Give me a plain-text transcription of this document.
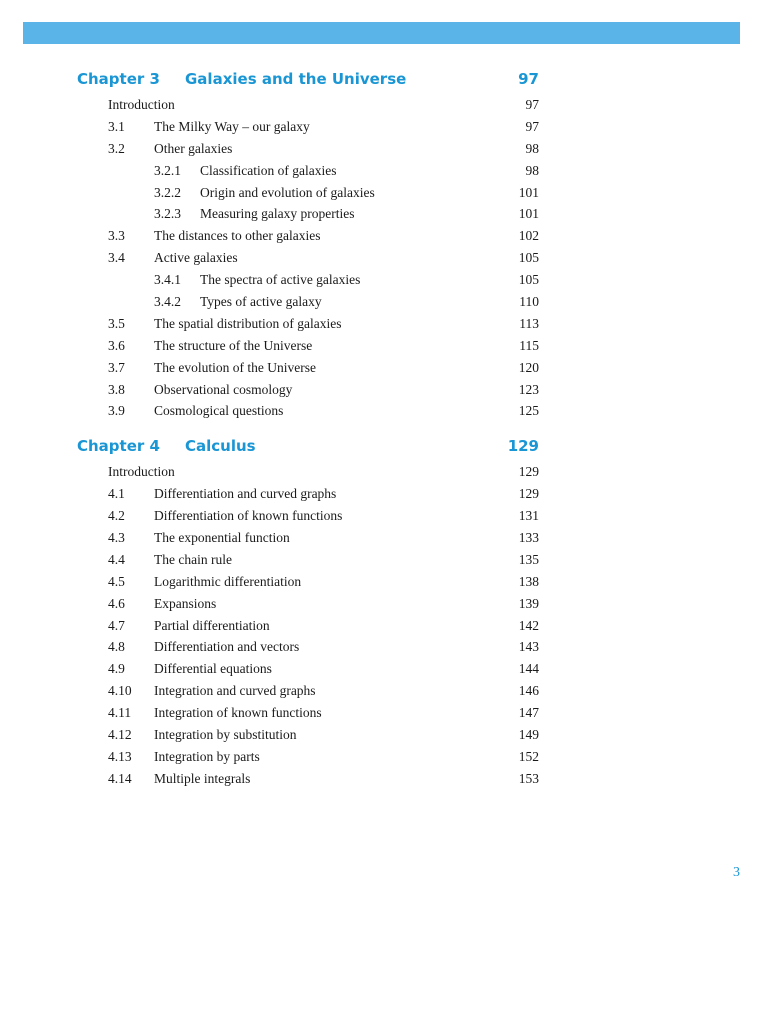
Chapter 3 Galaxies and the Universe	97
Introduction	97
3.1 The Milky Way – our galaxy	97
3.2 Other galaxies	98
3.2.1 Classification of galaxies	98
3.2.2 Origin and evolution of galaxies	101
3.2.3 Measuring galaxy properties	101
3.3 The distances to other galaxies	102
3.4 Active galaxies	105
3.4.1 The spectra of active galaxies	105
3.4.2 Types of active galaxy	110
3.5 The spatial distribution of galaxies	113
3.6 The structure of the Universe	115
3.7 The evolution of the Universe	120
3.8 Observational cosmology	123
3.9 Cosmological questions	125
Chapter 4 Calculus	129
Introduction	129
4.1 Differentiation and curved graphs	129
4.2 Differentiation of known functions	131
4.3 The exponential function	133
4.4 The chain rule	135
4.5 Logarithmic differentiation	138
4.6 Expansions	139
4.7 Partial differentiation	142
4.8 Differentiation and vectors	143
4.9 Differential equations	144
4.10 Integration and curved graphs	146
4.11 Integration of known functions	147
4.12 Integration by substitution	149
4.13 Integration by parts	152
4.14 Multiple integrals	153
3
